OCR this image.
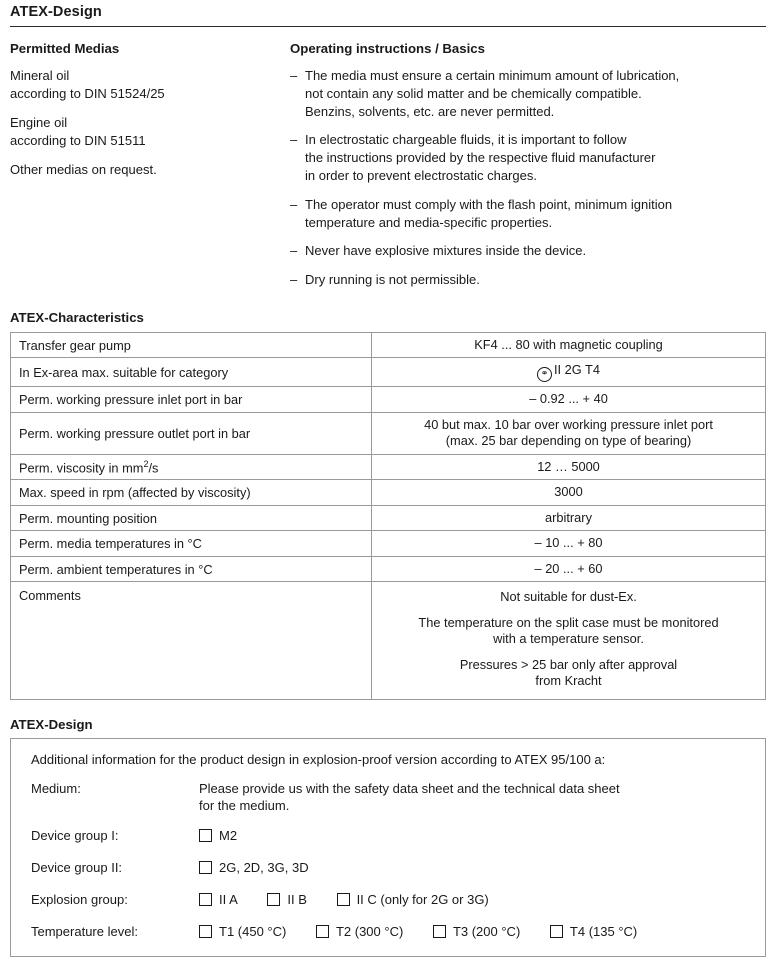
ATEX-Design
Permitted Medias
Mineral oil
according to DIN 51524/25
Engine oil
according to DIN 51511
Other medias on request.
Operating instructions / Basics
– The media must ensure a certain minimum amount of lubrication,
not contain any solid matter and be chemically compatible.
Benzins, solvents, etc. are never permitted.
– In electrostatic chargeable fluids, it is important to follow
the instructions provided by the respective fluid manufacturer
in order to prevent electrostatic charges.
– The operator must comply with the flash point, minimum ignition
temperature and media-specific properties.
– Never have explosive mixtures inside the device.
– Dry running is not permissible.
ATEX-Characteristics
Transfer gear pump	KF4 ... 80 with magnetic coupling

In Ex-area max. suitable for category	⚭ II 2G T4
Perm. working pressure inlet port in bar	– 0.92 ... + 40

Perm. working pressure outlet port in bar	40 but max. 10 bar over working pressure inlet port
(max. 25 bar depending on type of bearing)

Perm. viscosity in $mm^2/s$	12 … 5000

Max. speed in rpm (affected by viscosity)	3000

Perm. mounting position	arbitrary

Perm. media temperatures in °C	– 10 ... + 80

Perm. ambient temperatures in °C	– 20 ... + 60

Comments	Not suitable for dust-Ex.

The temperature on the split case must be monitored
with a temperature sensor.

Pressures > 25 bar only after approval
from Kracht

ATEX-Design

Additional information for the product design in explosion-proof version according to ATEX 95/100 a:

Medium:	Please provide us with the safety data sheet and the technical data sheet
for the medium.
Device group I:	M2
Device group II:	2G, 2D, 3G, 3D
Explosion group:	II A
	II B
	II C (only for 2G or 3G)
Temperature level:	T1 (450 °C)
	T2 (300 °C)
	T3 (200 °C)
	T4 (135 °C)
